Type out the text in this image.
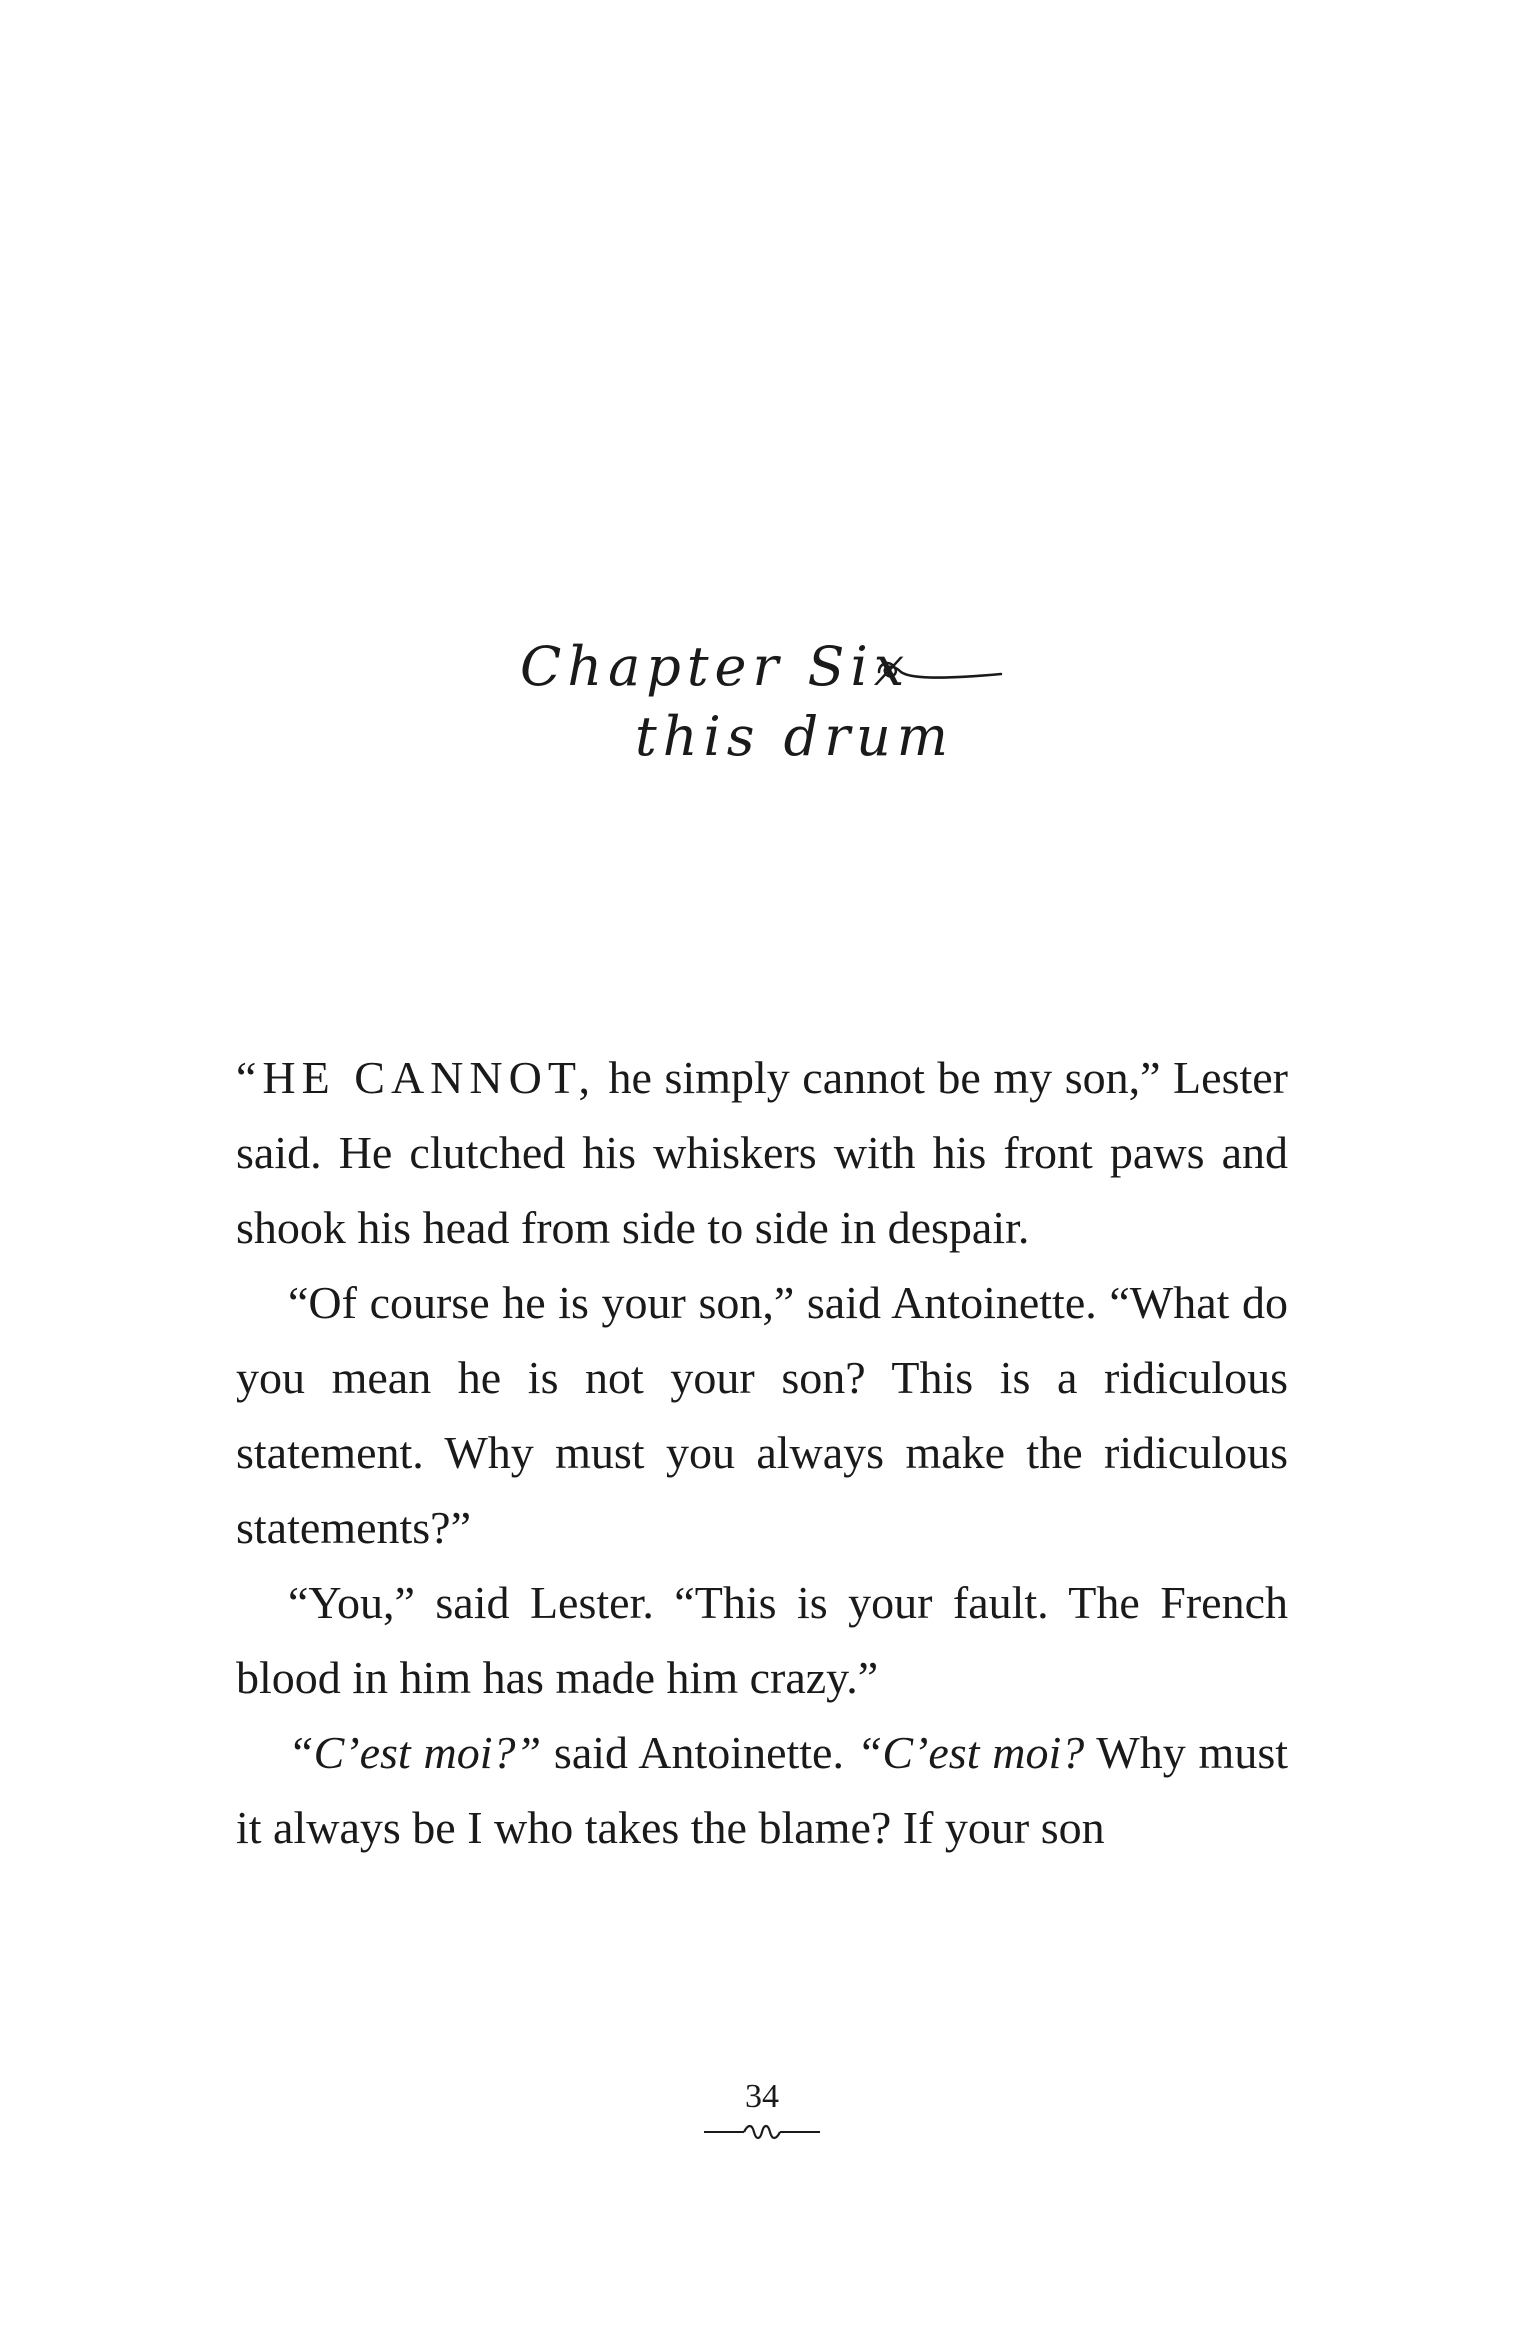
Chapter Six
this drum

“HE CANNOT, he simply cannot be my son,” Lester said. He clutched his whiskers with his front paws and shook his head from side to side in despair.

“Of course he is your son,” said Antoinette. “What do you mean he is not your son? This is a ridiculous statement. Why must you always make the ridiculous statements?”

“You,” said Lester. “This is your fault. The French blood in him has made him crazy.”

“C’est moi?” said Antoinette. “C’est moi? Why must it always be I who takes the blame? If your son

34
